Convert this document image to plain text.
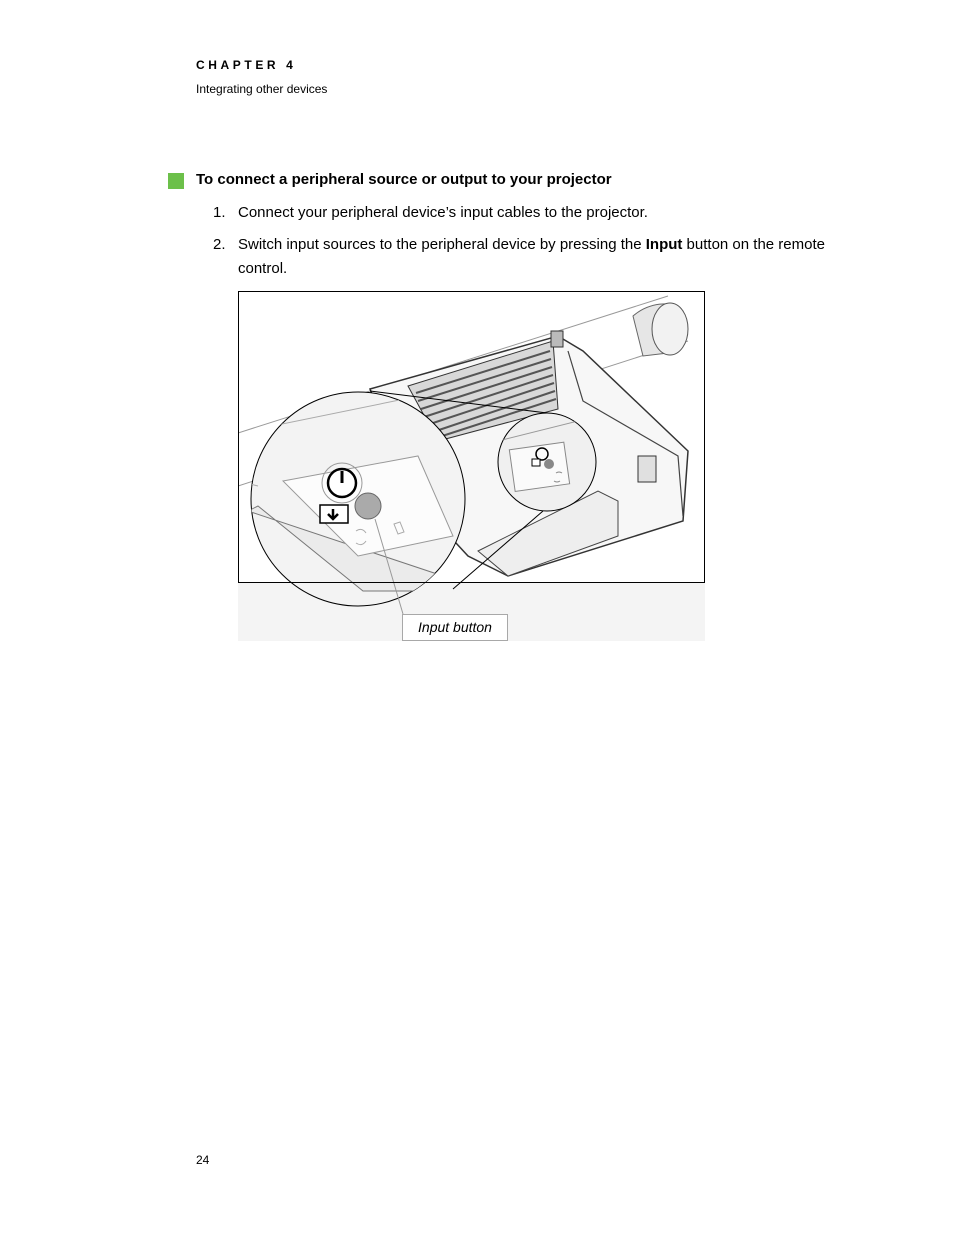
CHAPTER 4
Integrating other devices
To connect a peripheral source or output to your projector
1. Connect your peripheral device’s input cables to the projector.
2. Switch input sources to the peripheral device by pressing the Input button on the remote control.
Input button
24
